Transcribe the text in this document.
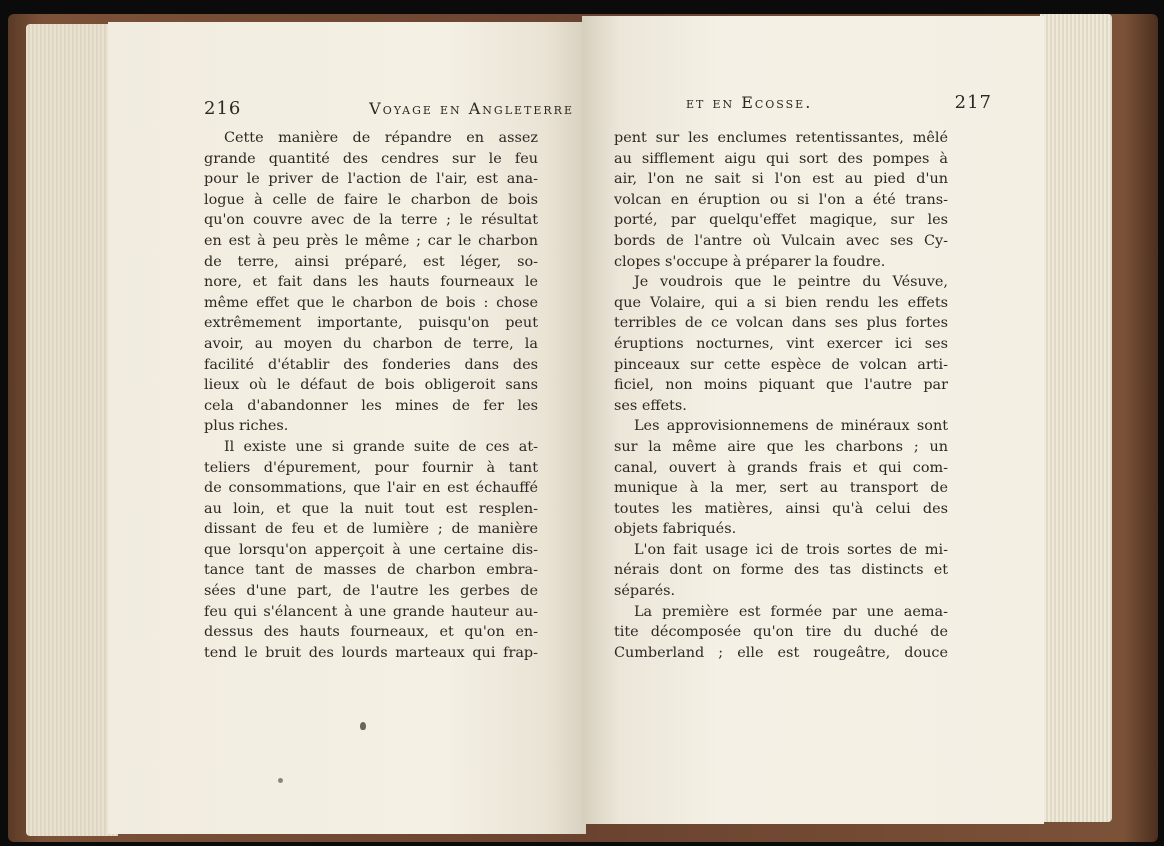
216	Voyage en Angleterre
Cette manière de répandre en assez
grande quantité des cendres sur le feu
pour le priver de l'action de l'air, est ana-
logue à celle de faire le charbon de bois
qu'on couvre avec de la terre ; le résultat
en est à peu près le même ; car le charbon
de terre, ainsi préparé, est léger, so-
nore, et fait dans les hauts fourneaux le
même effet que le charbon de bois : chose
extrêmement importante, puisqu'on peut
avoir, au moyen du charbon de terre, la
facilité d'établir des fonderies dans des
lieux où le défaut de bois obligeroit sans
cela d'abandonner les mines de fer les
plus riches.
Il existe une si grande suite de ces at-
teliers d'épurement, pour fournir à tant
de consommations, que l'air en est échauffé
au loin, et que la nuit tout est resplen-
dissant de feu et de lumière ; de manière
que lorsqu'on apperçoit à une certaine dis-
tance tant de masses de charbon embra-
sées d'une part, de l'autre les gerbes de
feu qui s'élancent à une grande hauteur au-
dessus des hauts fourneaux, et qu'on en-
tend le bruit des lourds marteaux qui frap-
et en Ecosse.	217
pent sur les enclumes retentissantes, mêlé
au sifflement aigu qui sort des pompes à
air, l'on ne sait si l'on est au pied d'un
volcan en éruption ou si l'on a été trans-
porté, par quelqu'effet magique, sur les
bords de l'antre où Vulcain avec ses Cy-
clopes s'occupe à préparer la foudre.
Je voudrois que le peintre du Vésuve,
que Volaire, qui a si bien rendu les effets
terribles de ce volcan dans ses plus fortes
éruptions nocturnes, vint exercer ici ses
pinceaux sur cette espèce de volcan arti-
ficiel, non moins piquant que l'autre par
ses effets.
Les approvisionnemens de minéraux sont
sur la même aire que les charbons ; un
canal, ouvert à grands frais et qui com-
munique à la mer, sert au transport de
toutes les matières, ainsi qu'à celui des
objets fabriqués.
L'on fait usage ici de trois sortes de mi-
nérais dont on forme des tas distincts et
séparés.
La première est formée par une aema-
tite décomposée qu'on tire du duché de
Cumberland ; elle est rougeâtre, douce
